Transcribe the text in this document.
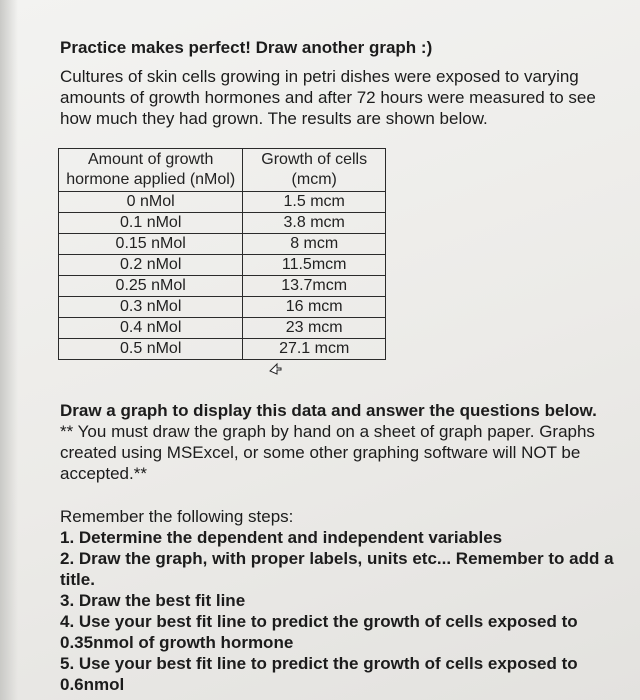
Practice makes perfect! Draw another graph :)
Cultures of skin cells growing in petri dishes were exposed to varying amounts of growth hormones and after 72 hours were measured to see how much they had grown. The results are shown below.
Amount of growth hormone applied (nMol)	Growth of cells (mcm)
0 nMol	1.5 mcm
0.1 nMol	3.8 mcm
0.15 nMol	8 mcm
0.2 nMol	11.5mcm
0.25 nMol	13.7mcm
0.3 nMol	16 mcm
0.4 nMol	23 mcm
0.5 nMol	27.1 mcm
Draw a graph to display this data and answer the questions below. ** You must draw the graph by hand on a sheet of graph paper. Graphs created using MSExcel, or some other graphing software will NOT be accepted.**
Remember the following steps:
1. Determine the dependent and independent variables
2. Draw the graph, with proper labels, units etc... Remember to add a title.
3. Draw the best fit line
4. Use your best fit line to predict the growth of cells exposed to 0.35nmol of growth hormone
5. Use your best fit line to predict the growth of cells exposed to 0.6nmol
